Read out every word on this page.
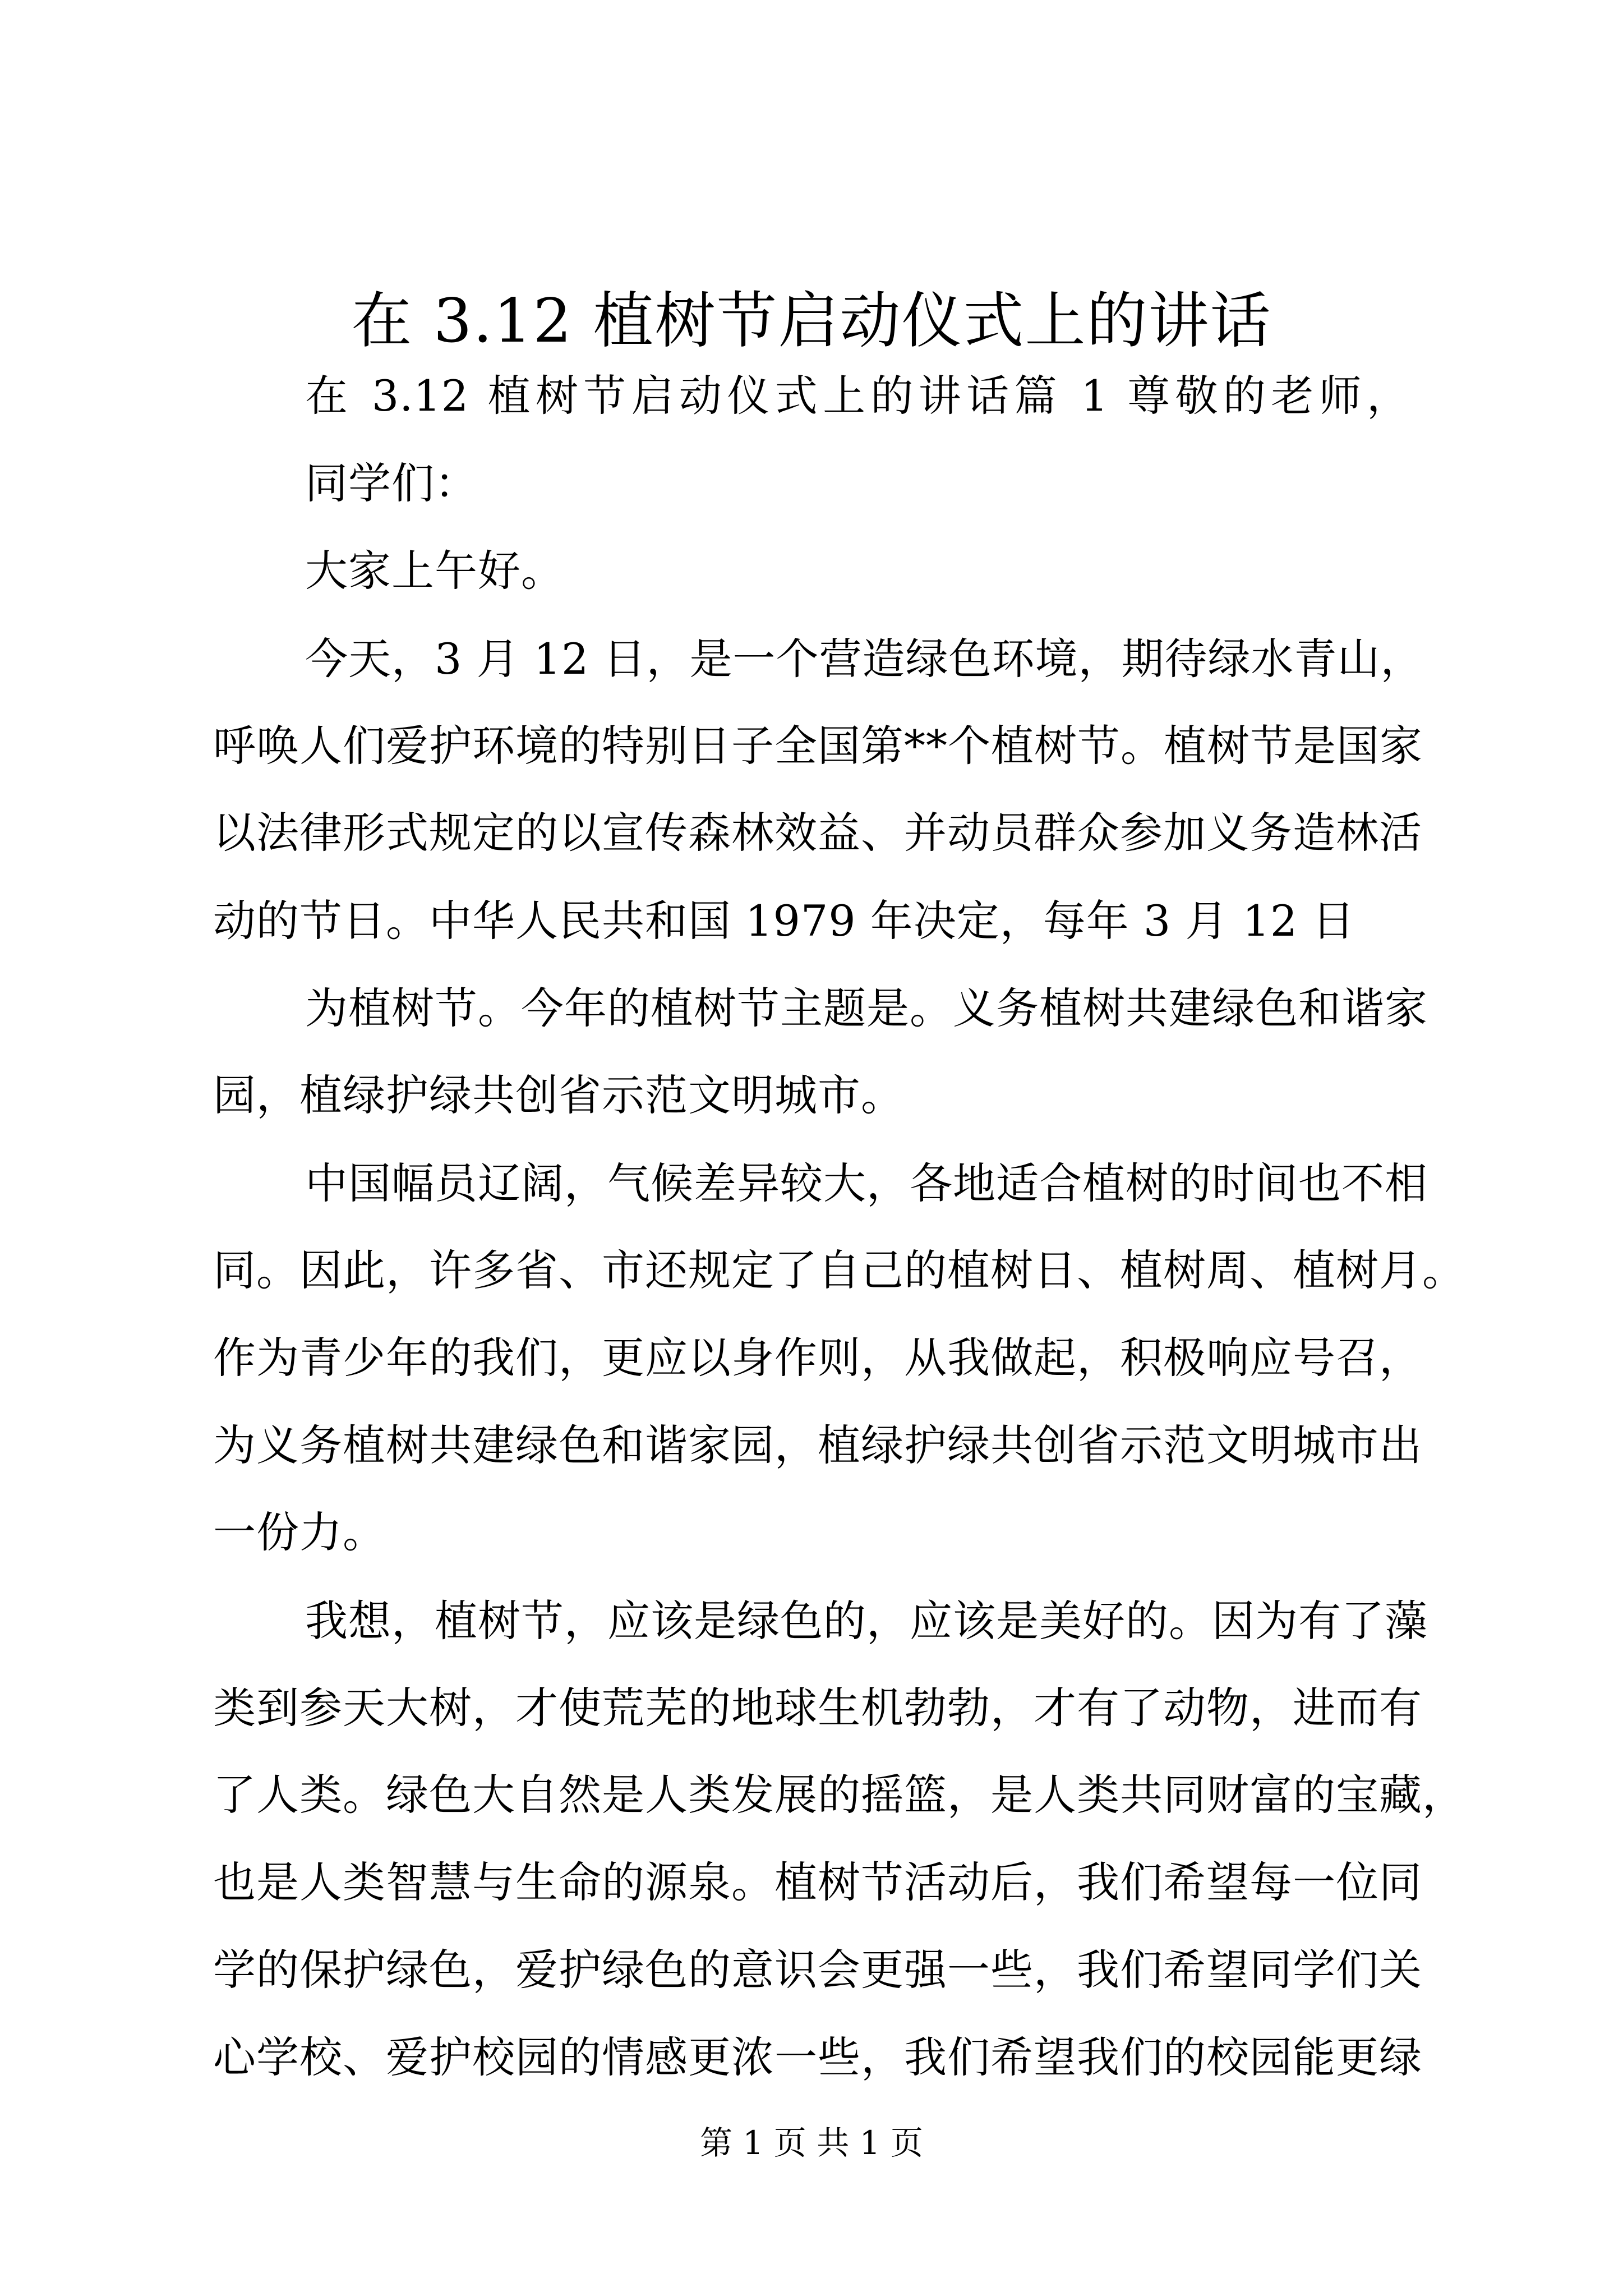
在 3.12 植树节启动仪式上的讲话
在 3.12 植树节启动仪式上的讲话篇 1 尊敬的老师，
同学们：
大家上午好。
今天，3 月 12 日，是一个营造绿色环境，期待绿水青山，
呼唤人们爱护环境的特别日子全国第**个植树节。植树节是国家
以法律形式规定的以宣传森林效益、并动员群众参加义务造林活
动的节日。中华人民共和国 1979 年决定，每年 3 月 12 日
为植树节。今年的植树节主题是。义务植树共建绿色和谐家
园，植绿护绿共创省示范文明城市。
中国幅员辽阔，气候差异较大，各地适合植树的时间也不相
同。因此，许多省、市还规定了自己的植树日、植树周、植树月。
作为青少年的我们，更应以身作则，从我做起，积极响应号召，
为义务植树共建绿色和谐家园，植绿护绿共创省示范文明城市出
一份力。
我想，植树节，应该是绿色的，应该是美好的。因为有了藻
类到参天大树，才使荒芜的地球生机勃勃，才有了动物，进而有
了人类。绿色大自然是人类发展的摇篮，是人类共同财富的宝藏，
也是人类智慧与生命的源泉。植树节活动后，我们希望每一位同
学的保护绿色，爱护绿色的意识会更强一些，我们希望同学们关
心学校、爱护校园的情感更浓一些，我们希望我们的校园能更绿
第 1 页 共 1 页
